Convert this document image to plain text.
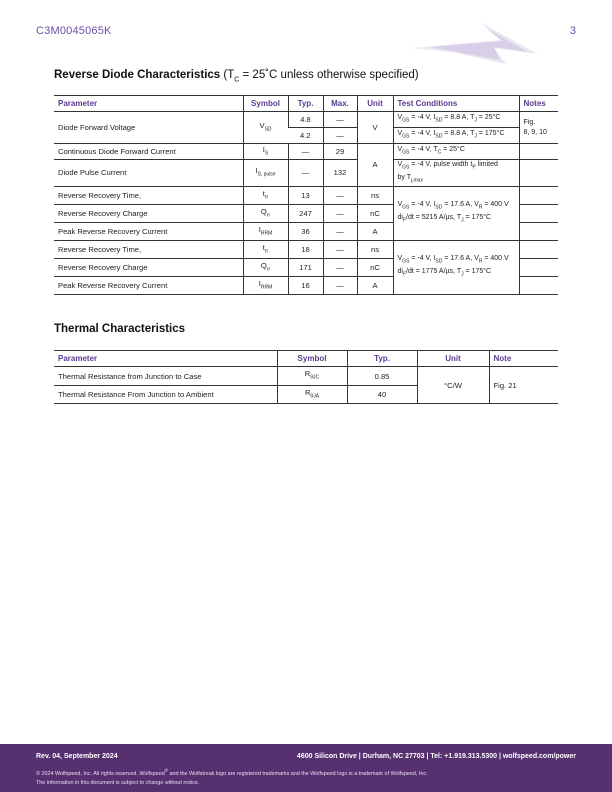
C3M0045065K	3
Reverse Diode Characteristics ($T_C$ = 25˚C unless otherwise specified)
Parameter	Symbol	Typ.	Max.	Unit	Test Conditions	Notes
Diode Forward Voltage	$V_{SD}$	4.8	—	V	$V_{GS} = -4$ V, $I_{SD} = 8.8$ A, $T_J = 25^\circ C$	Fig.
8, 9, 10
		4.2	—		$V_{GS} = -4$ V, $I_{SD} = 8.8$ A, $T_J = 175^\circ C$	
Continuous Diode Forward Current	$I_S$	—	29	A	$V_{GS} = -4$ V, $T_C = 25^\circ C$	
Diode Pulse Current	$I_{S, pulse}$	—	132		$V_{GS} = -4$ V, pulse width $t_P$ limited
by $T_{j,max}$	
Reverse Recovery Time,	$t_{rr}$	13	—	ns	$V_{GS} = -4$ V, $I_{SD} = 17.6$ A, $V_R = 400$ V
$di_F/dt = 5215$ A/µs, $T_J = 175^\circ C$	
Reverse Recovery Charge	$Q_{rr}$	247	—	nC		
Peak Reverse Recovery Current	$I_{RRM}$	36	—	A		
Reverse Recovery Time,	$t_{rr}$	18	—	ns	$V_{GS} = -4$ V, $I_{SD} = 17.6$ A, $V_R = 400$ V
$di_F/dt = 1775$ A/µs, $T_J = 175^\circ C$	
Reverse Recovery Charge	$Q_{rr}$	171	—	nC		
Peak Reverse Recovery Current	$I_{RRM}$	16	—	A		
Thermal Characteristics
Parameter	Symbol	Typ.	Unit	Note
Thermal Resistance from Junction to Case	$R_{\theta JC}$	0.85	°C/W	Fig. 21
Thermal Resistance From Junction to Ambient	$R_{\theta JA}$	40		
Rev. 04, September 2024	4600 Silicon Drive | Durham, NC 27703 | Tel: +1.919.313.5300 | wolfspeed.com/power
© 2024 Wolfspeed, Inc. All rights reserved. Wolfspeed® and the Wolfstreak logo are registered trademarks and the Wolfspeed logo is a trademark of Wolfspeed, Inc.
The information in this document is subject to change without notice.
